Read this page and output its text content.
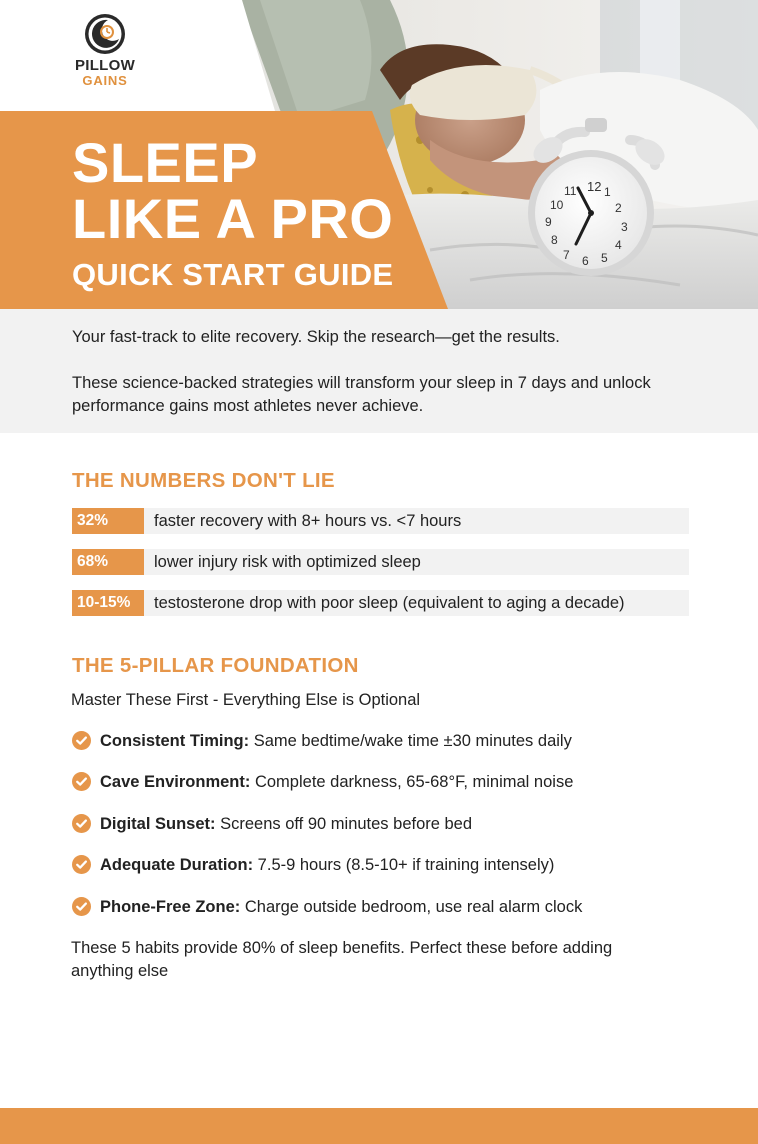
12 1
2
3
4
5
6
7
8
9
10
11
PILLOW
GAINS
SLEEP
LIKE A PRO
QUICK START GUIDE

Your fast-track to elite recovery. Skip the research—get the results.

These science-backed strategies will transform your sleep in 7 days and unlock performance gains most athletes never achieve.

THE NUMBERS DON'T LIE
32%	faster recovery with 8+ hours vs. <7 hours
68%	lower injury risk with optimized sleep
10-15%	testosterone drop with poor sleep (equivalent to aging a decade)
THE 5-PILLAR FOUNDATION
Master These First - Everything Else is Optional
Consistent Timing: Same bedtime/wake time ±30 minutes daily
Cave Environment: Complete darkness, 65-68°F, minimal noise
Digital Sunset: Screens off 90 minutes before bed
Adequate Duration: 7.5-9 hours (8.5-10+ if training intensely)
Phone-Free Zone: Charge outside bedroom, use real alarm clock
These 5 habits provide 80% of sleep benefits. Perfect these before adding anything else
